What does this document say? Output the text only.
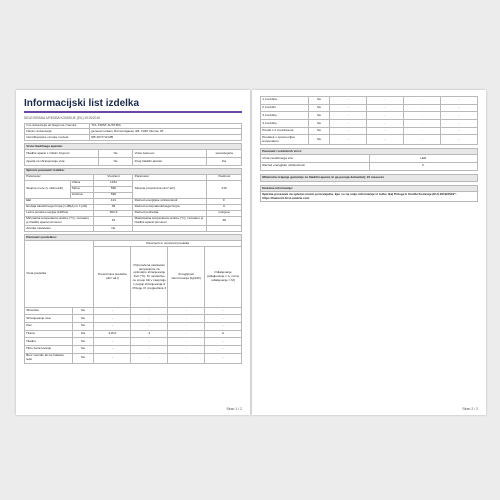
Informacijski list izdelka
DELEGIRANA UREDBA KOMISIJE (EU) 2019/2016
Ime dobavitelja ali blagovna znamka:	TCL FIRST AUSTRIA
Naslov dobavitelja:	general contact, Romundgasse 3/8, 1030 Vienna, AT
Identifikacijska oznaka modela:	RB 267X W-MB
Vrsta hladilnega aparata:			
Hladilni aparat z nizkim hrupom:	Ne	Vrsta zasnove:	samostoječa
Aparat za shranjevanje vina:	Ne	Drug hladilni aparat:	Da
Splošni parametri izdelka:				
Parameter		Vrednost	Parameter	Vrednost
Skupne mere (v milimetrih)	Višina	1434	Skupna prostornina (dm³ ali l)	215
	Širina	596		
	Globina	596		
EEI		121	Razred energijske učinkovitosti	F
Emisija akustičnega hrupa (v dB(A) re 1 pW)		38	Razred emisij akustičnega hrupa	C
Letna poraba energije (kWh/a)		362,9	Razred podnebja:	umirjeno
Minimalna temperatura okolice (°C), za katero je hladilni aparat primeren		16	Maksimalna temperatura okolice (°C), za katero je hladilni aparat primeren	38
Zimska nastavitev		Ne		
Parametri predelkov:					
Vrsta predelka		Parametri in vrednosti predelka			
		Prostornina predelka (dm³ ali l)	Priporočena nastavitev temperature za optimalno shranjevanje živil (°C). Te nastavitve ne smejo biti v nasprotju s pogoji shranjevanja iz Priloge IV, preglednica 3	Zmogljivost zamrzovanja (kg/24h)	Odtaljevanje (odtaljevanje = A, ročno odtaljevanje = M)
Shramba	Ne	-	-	-	-
Shranjevanje vina	Ne	-	-	-	-
Klet	Ne	-	-	-	-
Hrana	Da	215,0	4	-	A
Hladno	Ne	-	-	-	-
Hitro zamrzovanje	Ne	-	-	-	-
Brez zvezdic ali za izdelavo ledu	Ne	-	-	-	-
Stran 1 / 2
1 zvezdica	Ne	-	-	-	-
2 zvezdici	Ne	-	-	-	-
3 zvezdice	Ne	-	-	-	-
4 zvezdice	Ne	-	-	-	-
Predel s 2 zvezdicama	Ne	-	-	-	-
Predelek s spremenljivo temperaturo	Ne	-	-	-	-
Parametri svetlobnih virov:	
Vrsta svetlobnega vira	LED
Razred energijske učinkovitosti	F
Minimalno trajanje garancije za hladilni aparat, ki ga ponuja dobavitelj: 24 mesecev
Dodatne informacije:
Spletna povezava na spletno mesto proizvajalca, kjer so na voljo informacije iz točke 4(a) Priloge k Uredbi Komisije (EU) 2019/2019*: https://www.tcl-first-austria.com
Stran 2 / 2
